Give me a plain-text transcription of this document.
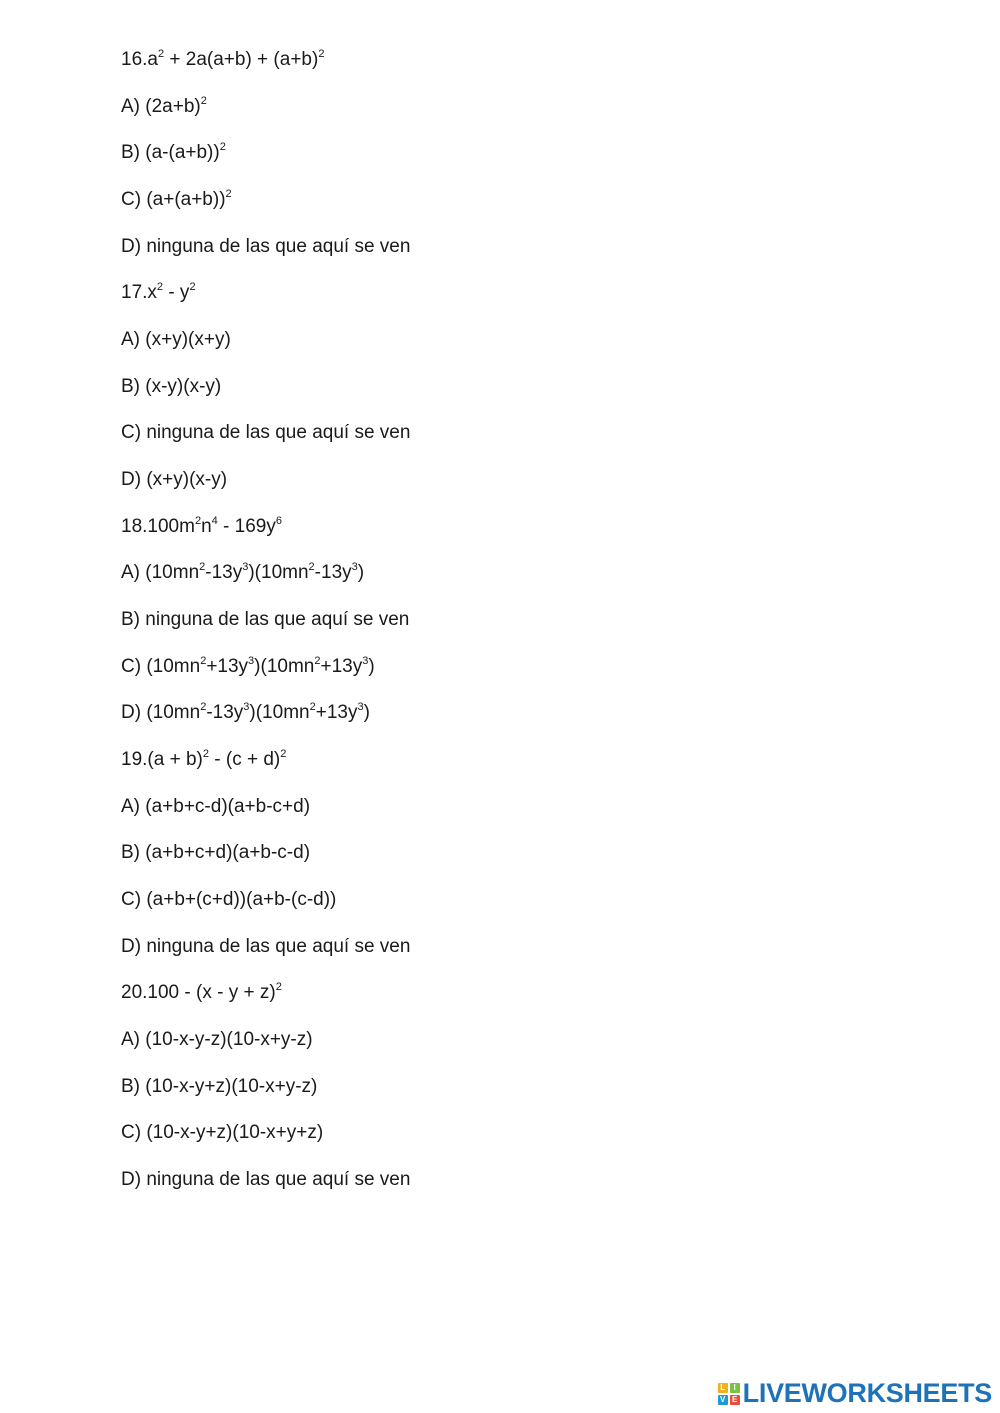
$16.a^2 + 2a(a+b) + (a+b)^2$
A) $(2a+b)^2$
B) $(a-(a+b))^2$
C) $(a+(a+b))^2$
D) ninguna de las que aquí se ven
$17.x^2 - y^2$
A) (x+y)(x+y)
B) (x-y)(x-y)
C) ninguna de las que aquí se ven
D) (x+y)(x-y)
$18.100m^2n^4 - 169y^6$
A) $(10mn^2-13y^3)(10mn^2-13y^3)$
B) ninguna de las que aquí se ven
C) $(10mn^2+13y^3)(10mn^2+13y^3)$
D) $(10mn^2-13y^3)(10mn^2+13y^3)$
$19.(a + b)^2 - (c + d)^2$
A) (a+b+c-d)(a+b-c+d)
B) (a+b+c+d)(a+b-c-d)
C) (a+b+(c+d))(a+b-(c-d))
D) ninguna de las que aquí se ven
$20.100 - (x - y + z)^2$
A) (10-x-y-z)(10-x+y-z)
B) (10-x-y+z)(10-x+y-z)
C) (10-x-y+z)(10-x+y+z)
D) ninguna de las que aquí se ven
L	I
V E LIVEWORKSHEETS
